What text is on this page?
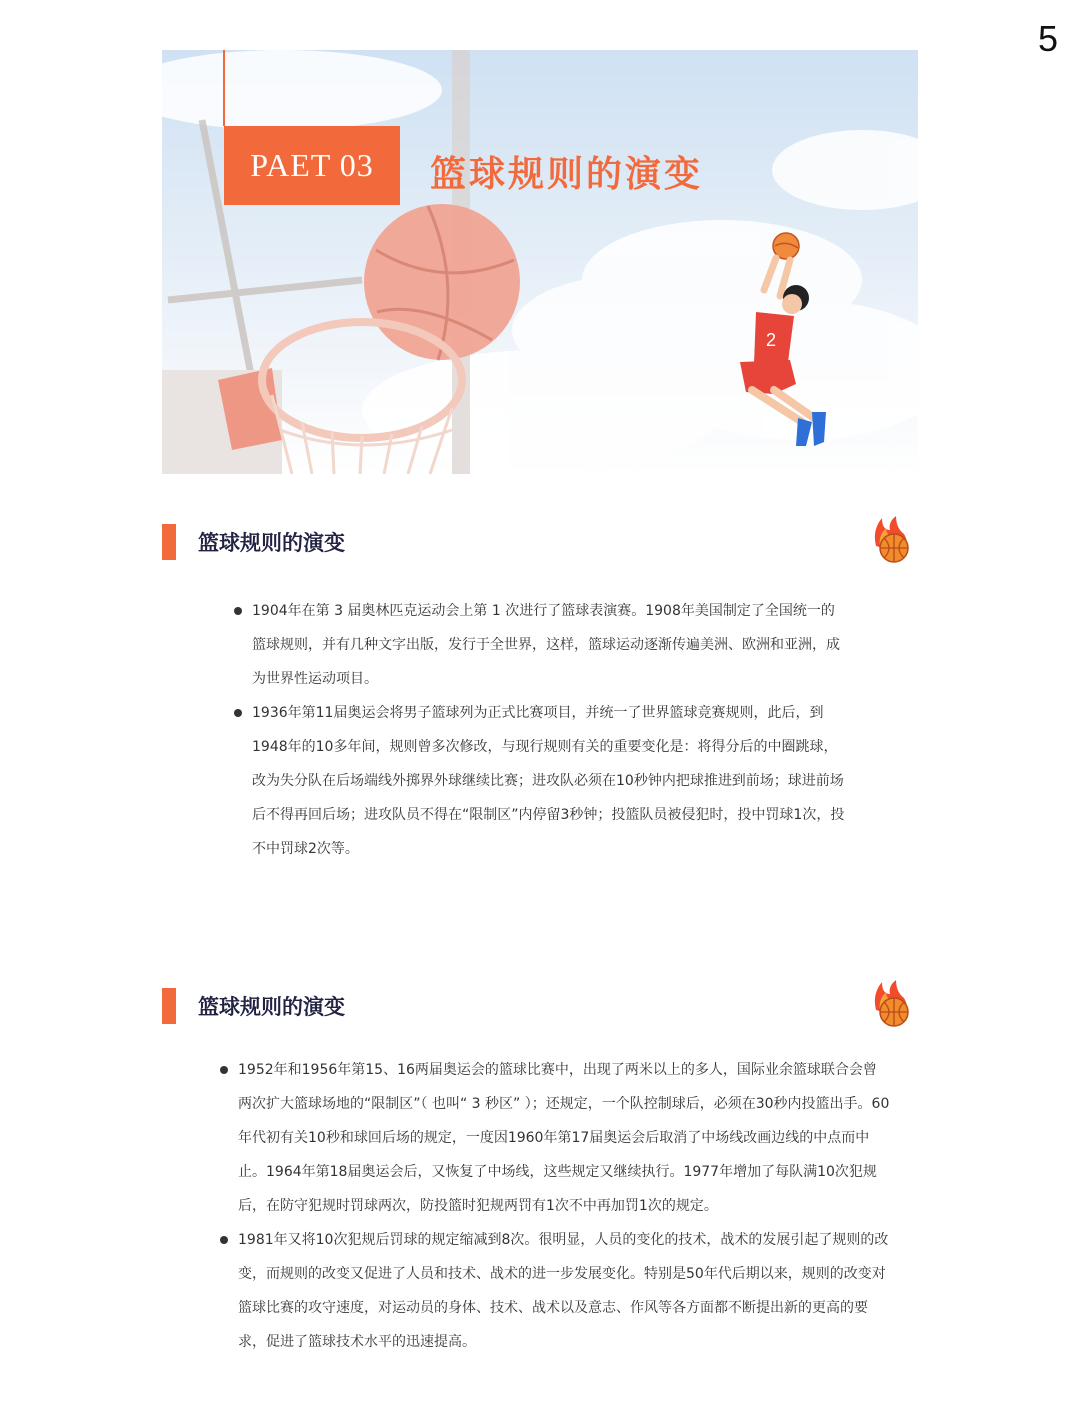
5
2
PAET 03	篮球规则的演变
篮球规则的演变
1904年在第 3 届奥林匹克运动会上第 1 次进行了篮球表演赛。1908年美国制定了全国统一的篮球规则，并有几种文字出版，发行于全世界，这样，篮球运动逐渐传遍美洲、欧洲和亚洲，成为世界性运动项目。
1936年第11届奥运会将男子篮球列为正式比赛项目，并统一了世界篮球竞赛规则，此后，到1948年的10多年间，规则曾多次修改，与现行规则有关的重要变化是：将得分后的中圈跳球，改为失分队在后场端线外掷界外球继续比赛；进攻队必须在10秒钟内把球推进到前场；球进前场后不得再回后场；进攻队员不得在“限制区”内停留3秒钟；投篮队员被侵犯时，投中罚球1次，投不中罚球2次等。
篮球规则的演变
1952年和1956年第15、16两届奥运会的篮球比赛中，出现了两米以上的多人，国际业余篮球联合会曾两次扩大篮球场地的“限制区”（ 也叫“ 3 秒区” ）；还规定，一个队控制球后，必须在30秒内投篮出手。60年代初有关10秒和球回后场的规定，一度因1960年第17届奥运会后取消了中场线改画边线的中点而中止。1964年第18届奥运会后，又恢复了中场线，这些规定又继续执行。1977年增加了每队满10次犯规后，在防守犯规时罚球两次，防投篮时犯规两罚有1次不中再加罚1次的规定。
1981年又将10次犯规后罚球的规定缩减到8次。很明显，人员的变化的技术，战术的发展引起了规则的改变，而规则的改变又促进了人员和技术、战术的进一步发展变化。特别是50年代后期以来，规则的改变对篮球比赛的攻守速度，对运动员的身体、技术、战术以及意志、作风等各方面都不断提出新的更高的要求，促进了篮球技术水平的迅速提高。
